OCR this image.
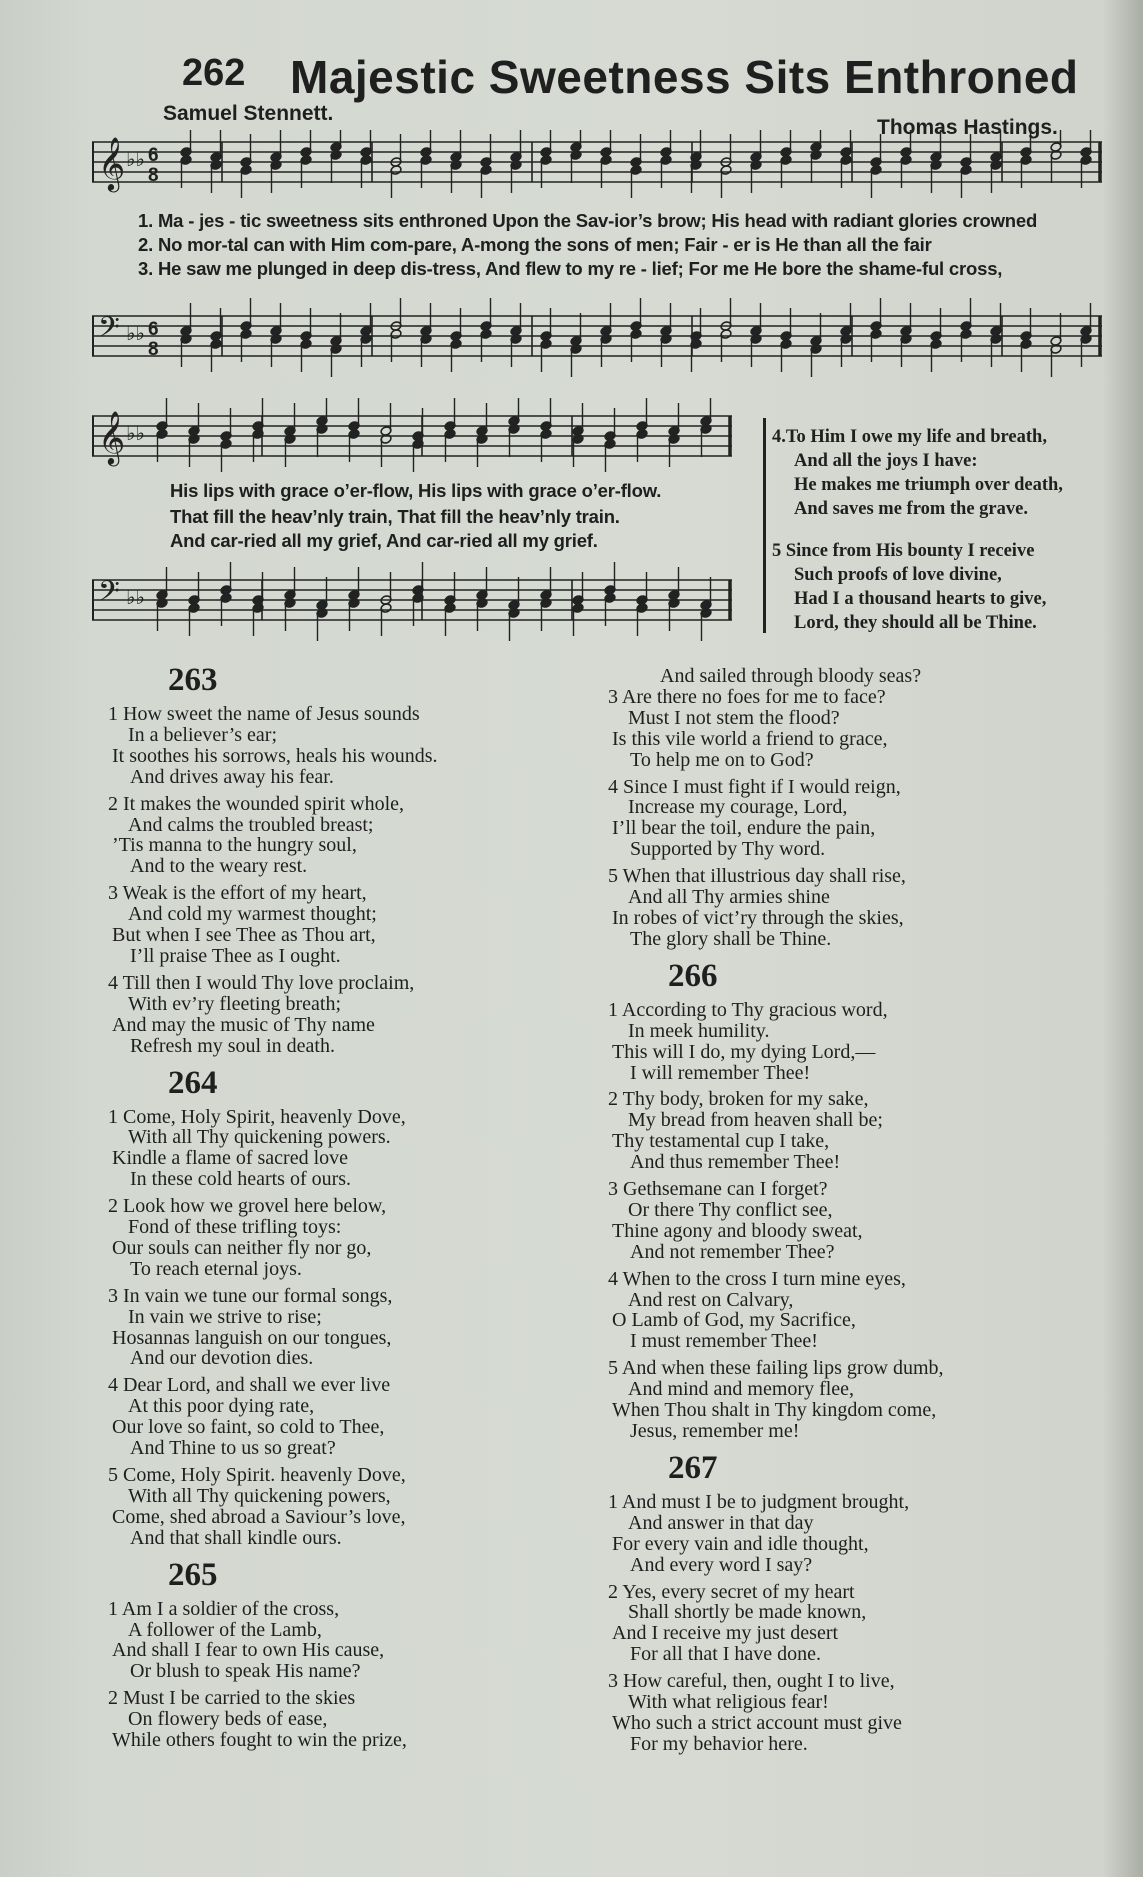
262 Majestic Sweetness Sits Enthroned
Samuel Stennett.
Thomas Hastings.
𝄞 ♭♭ 6
8
1. Ma - jes - tic sweetness sits enthroned Upon the Sav-ior’s brow; His head with radiant glories crowned
2. No mor-tal can with Him com-pare, A-mong the sons of men; Fair - er is He than all the fair
3. He saw me plunged in deep dis-tress, And flew to my re - lief; For me He bore the shame-ful cross,
𝄢 ♭♭ 6
8
𝄞 ♭♭
His lips with grace o’er-flow, His lips with grace o’er-flow.
That fill the heav’nly train, That fill the heav’nly train.
And car-ried all my grief, And car-ried all my grief.
𝄢 ♭♭
4.To Him I owe my life and breath,
And all the joys I have:
He makes me triumph over death,
And saves me from the grave.
5 Since from His bounty I receive
Such proofs of love divine,
Had I a thousand hearts to give,
Lord, they should all be Thine.
263
1 How sweet the name of Jesus sounds
In a believer’s ear;
It soothes his sorrows, heals his wounds.
And drives away his fear.
2 It makes the wounded spirit whole,
And calms the troubled breast;
’Tis manna to the hungry soul,
And to the weary rest.
3 Weak is the effort of my heart,
And cold my warmest thought;
But when I see Thee as Thou art,
I’ll praise Thee as I ought.
4 Till then I would Thy love proclaim,
With ev’ry fleeting breath;
And may the music of Thy name
Refresh my soul in death.
264
1 Come, Holy Spirit, heavenly Dove,
With all Thy quickening powers.
Kindle a flame of sacred love
In these cold hearts of ours.
2 Look how we grovel here below,
Fond of these trifling toys:
Our souls can neither fly nor go,
To reach eternal joys.
3 In vain we tune our formal songs,
In vain we strive to rise;
Hosannas languish on our tongues,
And our devotion dies.
4 Dear Lord, and shall we ever live
At this poor dying rate,
Our love so faint, so cold to Thee,
And Thine to us so great?
5 Come, Holy Spirit. heavenly Dove,
With all Thy quickening powers,
Come, shed abroad a Saviour’s love,
And that shall kindle ours.
265
1 Am I a soldier of the cross,
A follower of the Lamb,
And shall I fear to own His cause,
Or blush to speak His name?
2 Must I be carried to the skies
On flowery beds of ease,
While others fought to win the prize,
And sailed through bloody seas?
3 Are there no foes for me to face?
Must I not stem the flood?
Is this vile world a friend to grace,
To help me on to God?
4 Since I must fight if I would reign,
Increase my courage, Lord,
I’ll bear the toil, endure the pain,
Supported by Thy word.
5 When that illustrious day shall rise,
And all Thy armies shine
In robes of vict’ry through the skies,
The glory shall be Thine.
266
1 According to Thy gracious word,
In meek humility.
This will I do, my dying Lord,—
I will remember Thee!
2 Thy body, broken for my sake,
My bread from heaven shall be;
Thy testamental cup I take,
And thus remember Thee!
3 Gethsemane can I forget?
Or there Thy conflict see,
Thine agony and bloody sweat,
And not remember Thee?
4 When to the cross I turn mine eyes,
And rest on Calvary,
O Lamb of God, my Sacrifice,
I must remember Thee!
5 And when these failing lips grow dumb,
And mind and memory flee,
When Thou shalt in Thy kingdom come,
Jesus, remember me!
267
1 And must I be to judgment brought,
And answer in that day
For every vain and idle thought,
And every word I say?
2 Yes, every secret of my heart
Shall shortly be made known,
And I receive my just desert
For all that I have done.
3 How careful, then, ought I to live,
With what religious fear!
Who such a strict account must give
For my behavior here.
